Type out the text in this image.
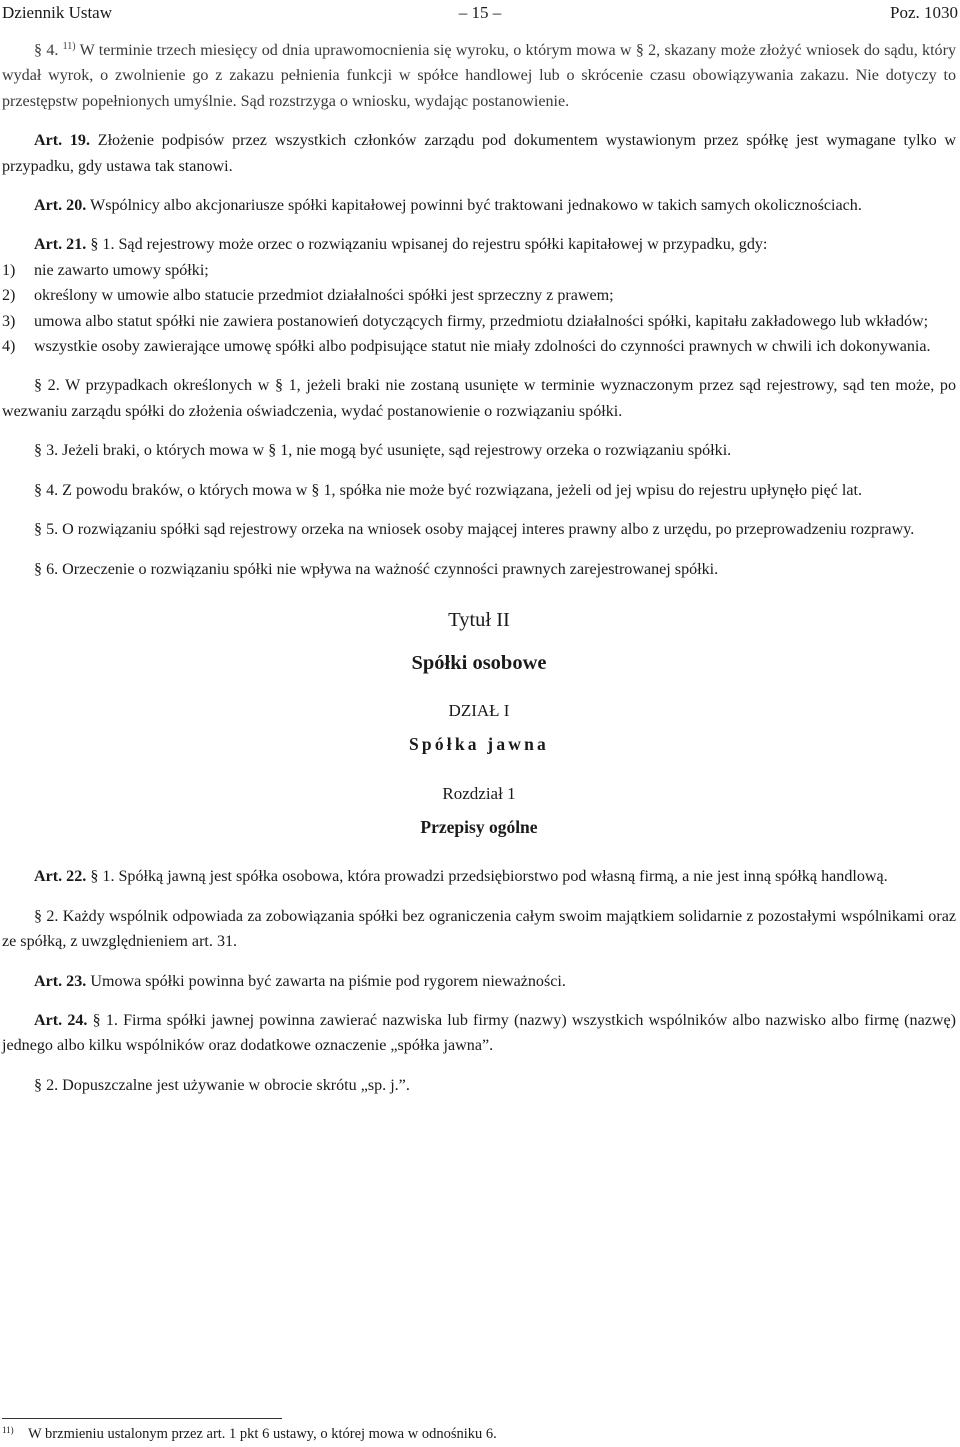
Dziennik Ustaw	– 15 –	Poz. 1030

§ 4. $^{11)}$ W terminie trzech miesięcy od dnia uprawomocnienia się wyroku, o którym mowa w § 2, skazany może złożyć wniosek do sądu, który wydał wyrok, o zwolnienie go z zakazu pełnienia funkcji w spółce handlowej lub o skrócenie czasu obowiązywania zakazu. Nie dotyczy to przestępstw popełnionych umyślnie. Sąd rozstrzyga o wniosku, wydając postanowienie.

Art. 19. Złożenie podpisów przez wszystkich członków zarządu pod dokumentem wystawionym przez spółkę jest wymagane tylko w przypadku, gdy ustawa tak stanowi.

Art. 20. Wspólnicy albo akcjonariusze spółki kapitałowej powinni być traktowani jednakowo w takich samych okolicznościach.

Art. 21. § 1. Sąd rejestrowy może orzec o rozwiązaniu wpisanej do rejestru spółki kapitałowej w przypadku, gdy:

1) nie zawarto umowy spółki;

2) określony w umowie albo statucie przedmiot działalności spółki jest sprzeczny z prawem;

3) umowa albo statut spółki nie zawiera postanowień dotyczących firmy, przedmiotu działalności spółki, kapitału zakładowego lub wkładów;

4) wszystkie osoby zawierające umowę spółki albo podpisujące statut nie miały zdolności do czynności prawnych w chwili ich dokonywania.

§ 2. W przypadkach określonych w § 1, jeżeli braki nie zostaną usunięte w terminie wyznaczonym przez sąd rejestrowy, sąd ten może, po wezwaniu zarządu spółki do złożenia oświadczenia, wydać postanowienie o rozwiązaniu spółki.

§ 3. Jeżeli braki, o których mowa w § 1, nie mogą być usunięte, sąd rejestrowy orzeka o rozwiązaniu spółki.

§ 4. Z powodu braków, o których mowa w § 1, spółka nie może być rozwiązana, jeżeli od jej wpisu do rejestru upłynęło pięć lat.

§ 5. O rozwiązaniu spółki sąd rejestrowy orzeka na wniosek osoby mającej interes prawny albo z urzędu, po przeprowadzeniu rozprawy.

§ 6. Orzeczenie o rozwiązaniu spółki nie wpływa na ważność czynności prawnych zarejestrowanej spółki.

Tytuł II

Spółki osobowe

DZIAŁ I

Spółka jawna

Rozdział 1

Przepisy ogólne

Art. 22. § 1. Spółką jawną jest spółka osobowa, która prowadzi przedsiębiorstwo pod własną firmą, a nie jest inną spółką handlową.

§ 2. Każdy wspólnik odpowiada za zobowiązania spółki bez ograniczenia całym swoim majątkiem solidarnie z pozostałymi wspólnikami oraz ze spółką, z uwzględnieniem art. 31.

Art. 23. Umowa spółki powinna być zawarta na piśmie pod rygorem nieważności.

Art. 24. § 1. Firma spółki jawnej powinna zawierać nazwiska lub firmy (nazwy) wszystkich wspólników albo nazwisko albo firmę (nazwę) jednego albo kilku wspólników oraz dodatkowe oznaczenie „spółka jawna”.

§ 2. Dopuszczalne jest używanie w obrocie skrótu „sp. j.”.

$^{11)}$ W brzmieniu ustalonym przez art. 1 pkt 6 ustawy, o której mowa w odnośniku 6.
